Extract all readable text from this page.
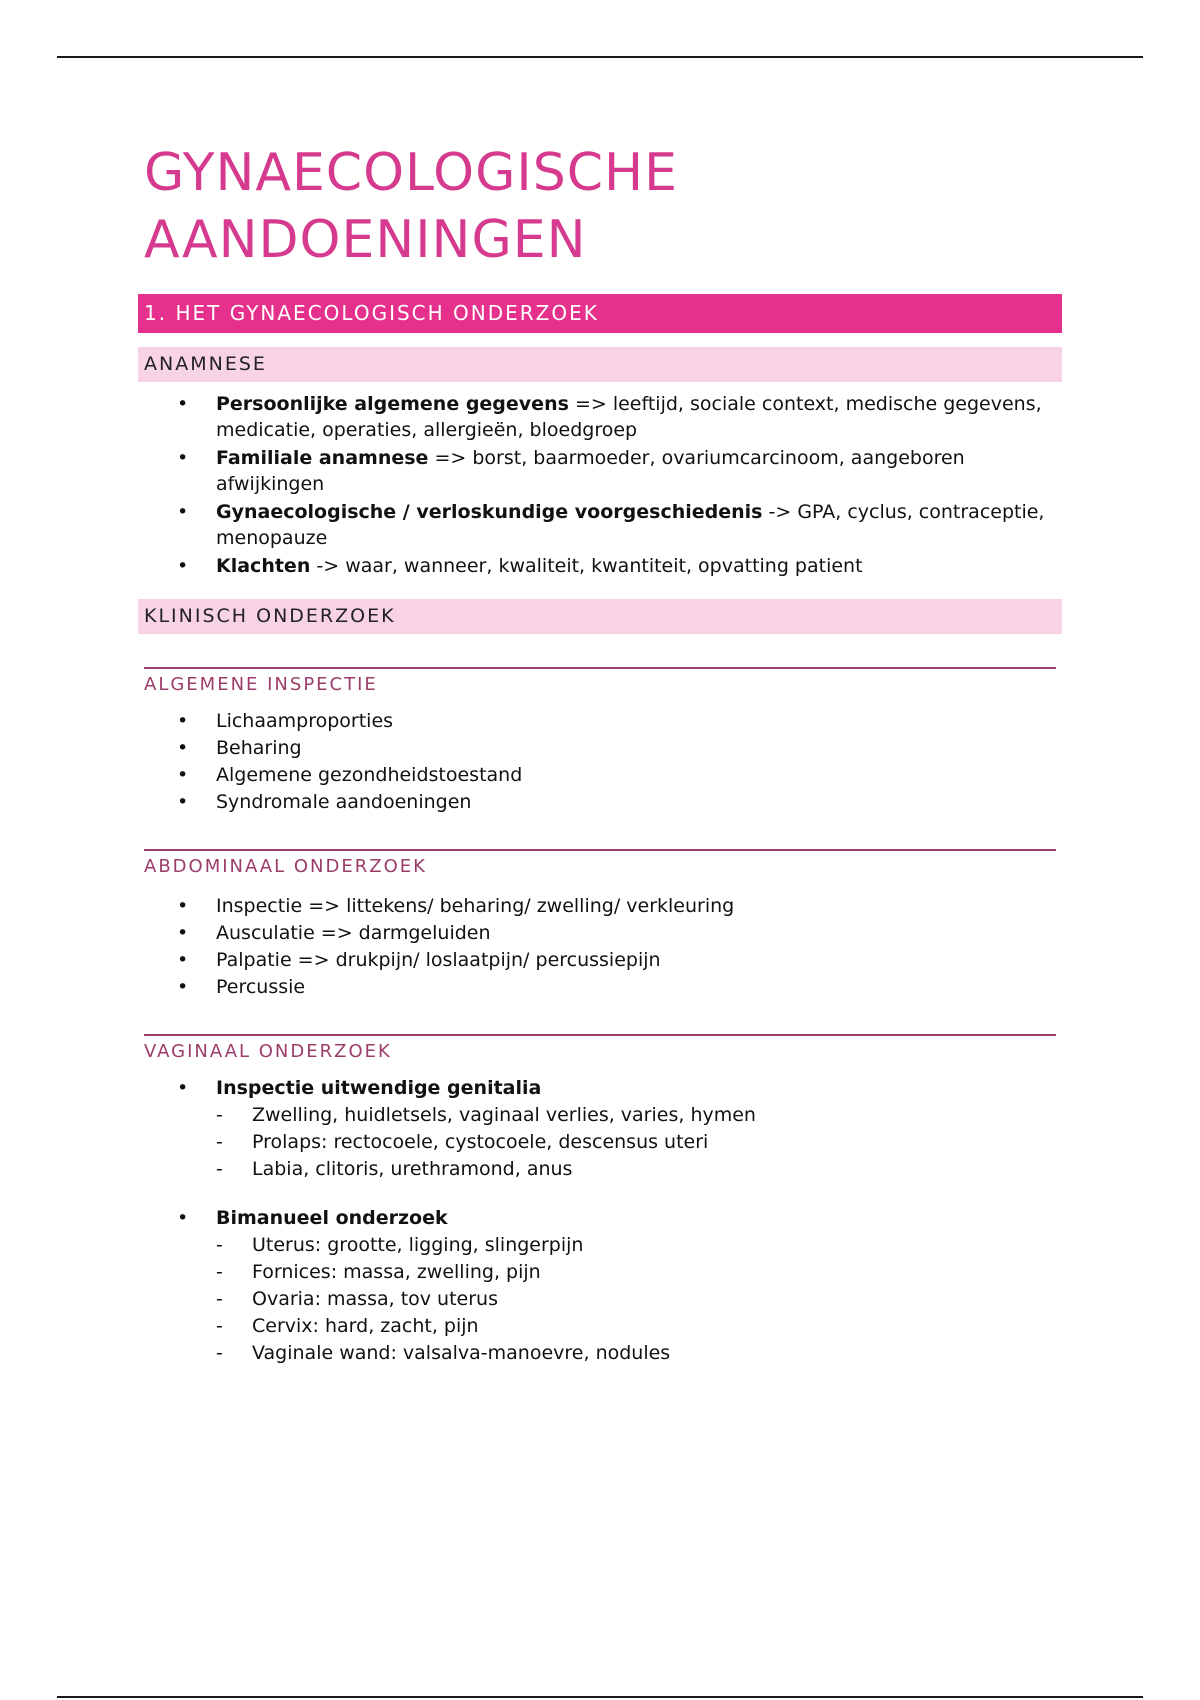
GYNAECOLOGISCHE
AANDOENINGEN
1. HET GYNAECOLOGISCH ONDERZOEK
ANAMNESE
• Persoonlijke algemene gegevens => leeftijd, sociale context, medische gegevens, medicatie, operaties, allergieën, bloedgroep
• Familiale anamnese => borst, baarmoeder, ovariumcarcinoom, aangeboren afwijkingen
• Gynaecologische / verloskundige voorgeschiedenis -> GPA, cyclus, contraceptie, menopauze
• Klachten -> waar, wanneer, kwaliteit, kwantiteit, opvatting patient
KLINISCH ONDERZOEK
ALGEMENE INSPECTIE
• Lichaamproporties
• Beharing
• Algemene gezondheidstoestand
• Syndromale aandoeningen
ABDOMINAAL ONDERZOEK
• Inspectie => littekens/ beharing/ zwelling/ verkleuring
• Ausculatie => darmgeluiden
• Palpatie => drukpijn/ loslaatpijn/ percussiepijn
• Percussie
VAGINAAL ONDERZOEK
• Inspectie uitwendige genitalia
- Zwelling, huidletsels, vaginaal verlies, varies, hymen
- Prolaps: rectocoele, cystocoele, descensus uteri
- Labia, clitoris, urethramond, anus
• Bimanueel onderzoek
- Uterus: grootte, ligging, slingerpijn
- Fornices: massa, zwelling, pijn
- Ovaria: massa, tov uterus
- Cervix: hard, zacht, pijn
- Vaginale wand: valsalva-manoevre, nodules
